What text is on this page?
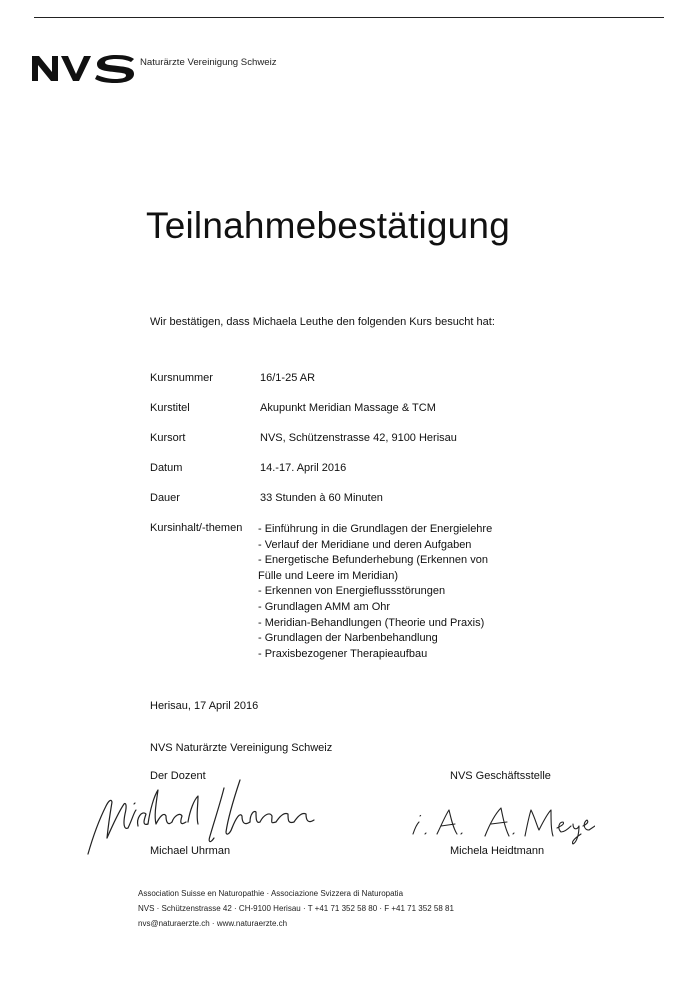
Naturärzte Vereinigung Schweiz
Teilnahmebestätigung
Wir bestätigen, dass Michaela Leuthe den folgenden Kurs besucht hat:
Kursnummer	16/1-25 AR
Kurstitel	Akupunkt Meridian Massage & TCM
Kursort	NVS, Schützenstrasse 42, 9100 Herisau
Datum	14.-17. April 2016
Dauer	33 Stunden à 60 Minuten
Kursinhalt/-themen - Einführung in die Grundlagen der Energielehre
- Verlauf der Meridiane und deren Aufgaben
- Energetische Befunderhebung (Erkennen von
Fülle und Leere im Meridian)
- Erkennen von Energieflussstörungen
- Grundlagen AMM am Ohr
- Meridian-Behandlungen (Theorie und Praxis)
- Grundlagen der Narbenbehandlung
- Praxisbezogener Therapieaufbau
Herisau, 17 April 2016
NVS Naturärzte Vereinigung Schweiz
Der Dozent	NVS Geschäftsstelle
Michael Uhrman	Michela Heidtmann
Association Suisse en Naturopathie · Associazione Svizzera di Naturopatia
NVS · Schützenstrasse 42 · CH-9100 Herisau · T +41 71 352 58 80 · F +41 71 352 58 81
nvs@naturaerzte.ch · www.naturaerzte.ch
